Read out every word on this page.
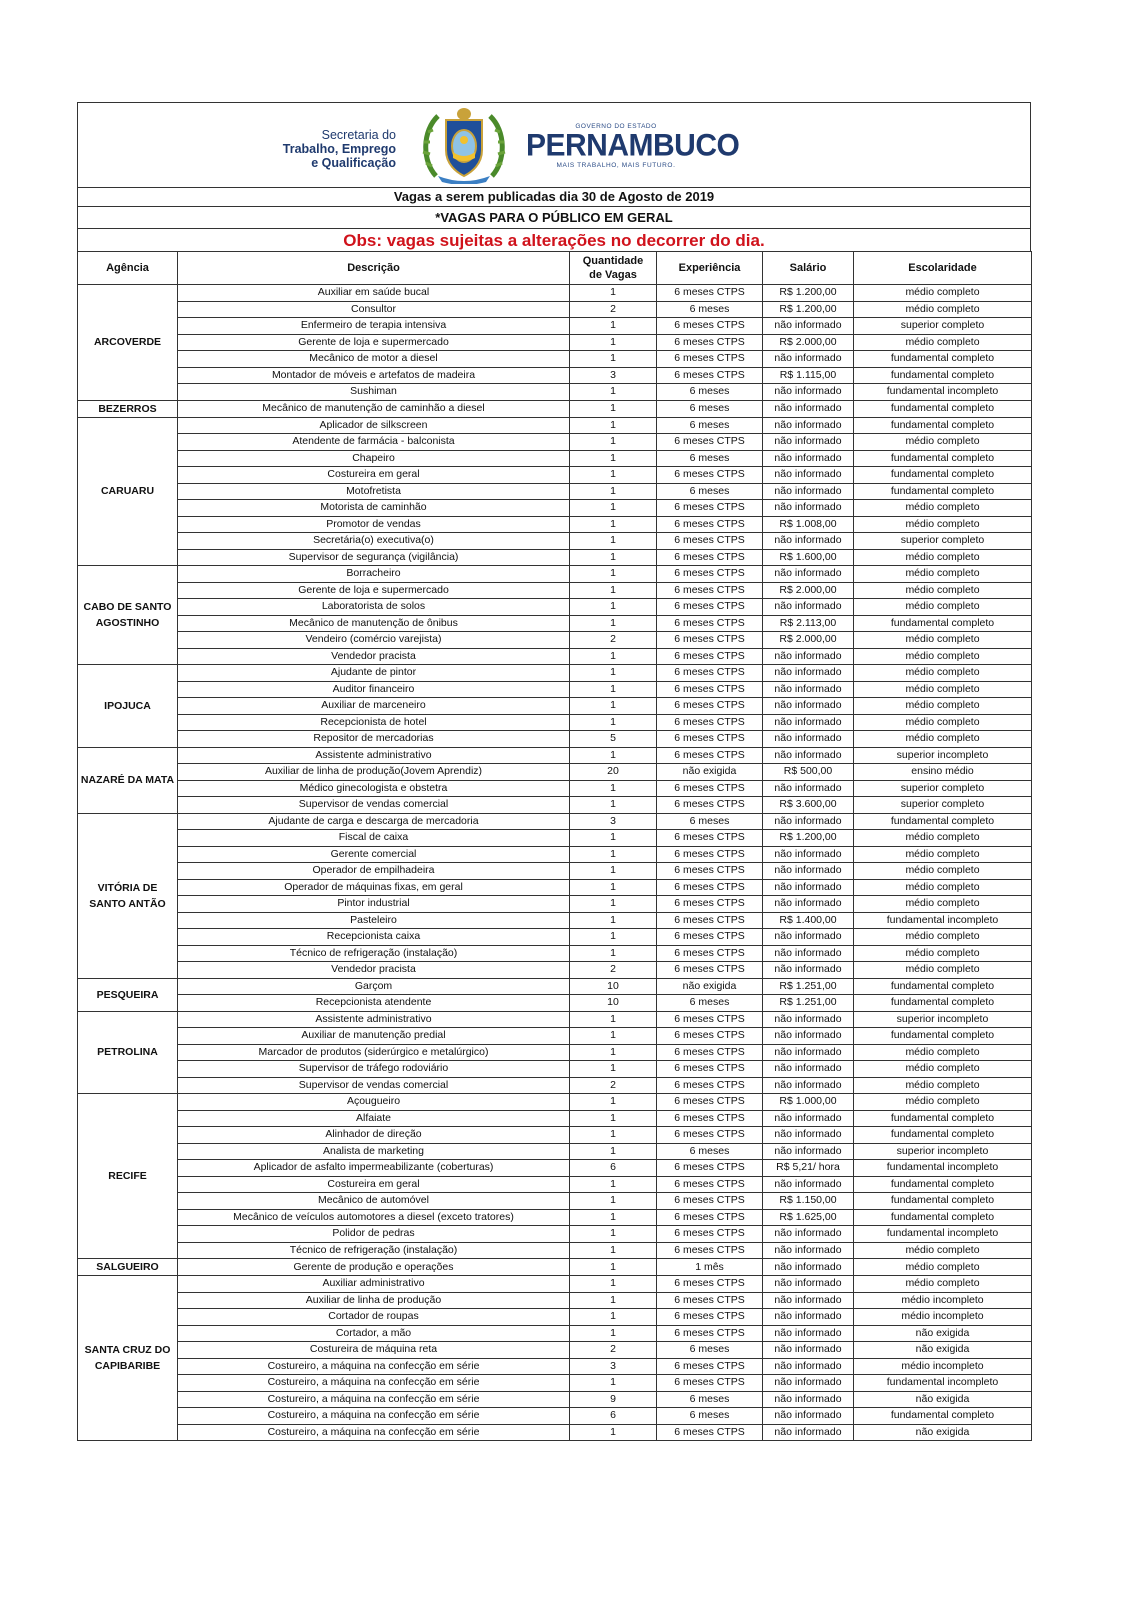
Secretaria do
Trabalho, Emprego
e Qualificação
GOVERNO DO ESTADO
PERNAMBUCO
MAIS TRABALHO, MAIS FUTURO.
Vagas a serem publicadas dia 30 de Agosto de 2019
*VAGAS PARA O PÚBLICO EM GERAL
Obs: vagas sujeitas a alterações no decorrer do dia.
Agência	Descrição	Quantidade de Vagas	Experiência	Salário	Escolaridade
ARCOVERDE	Auxiliar em saúde bucal	1	6 meses CTPS	R$ 1.200,00	médio completo
	Consultor	2	6 meses	R$ 1.200,00	médio completo
	Enfermeiro de terapia intensiva	1	6 meses CTPS	não informado	superior completo
	Gerente de loja e supermercado	1	6 meses CTPS	R$ 2.000,00	médio completo
	Mecânico de motor a diesel	1	6 meses CTPS	não informado	fundamental completo
	Montador de móveis e artefatos de madeira	3	6 meses CTPS	R$ 1.115,00	fundamental completo
	Sushiman	1	6 meses	não informado	fundamental incompleto
BEZERROS	Mecânico de manutenção de caminhão a diesel	1	6 meses	não informado	fundamental completo
CARUARU	Aplicador de silkscreen	1	6 meses	não informado	fundamental completo
	Atendente de farmácia - balconista	1	6 meses CTPS	não informado	médio completo
	Chapeiro	1	6 meses	não informado	fundamental completo
	Costureira em geral	1	6 meses CTPS	não informado	fundamental completo
	Motofretista	1	6 meses	não informado	fundamental completo
	Motorista de caminhão	1	6 meses CTPS	não informado	médio completo
	Promotor de vendas	1	6 meses CTPS	R$ 1.008,00	médio completo
	Secretária(o) executiva(o)	1	6 meses CTPS	não informado	superior completo
	Supervisor de segurança (vigilância)	1	6 meses CTPS	R$ 1.600,00	médio completo
CABO DE SANTO AGOSTINHO	Borracheiro	1	6 meses CTPS	não informado	médio completo
	Gerente de loja e supermercado	1	6 meses CTPS	R$ 2.000,00	médio completo
	Laboratorista de solos	1	6 meses CTPS	não informado	médio completo
	Mecânico de manutenção de ônibus	1	6 meses CTPS	R$ 2.113,00	fundamental completo
	Vendeiro (comércio varejista)	2	6 meses CTPS	R$ 2.000,00	médio completo
	Vendedor pracista	1	6 meses CTPS	não informado	médio completo
IPOJUCA	Ajudante de pintor	1	6 meses CTPS	não informado	médio completo
	Auditor financeiro	1	6 meses CTPS	não informado	médio completo
	Auxiliar de marceneiro	1	6 meses CTPS	não informado	médio completo
	Recepcionista de hotel	1	6 meses CTPS	não informado	médio completo
	Repositor de mercadorias	5	6 meses CTPS	não informado	médio completo
NAZARÉ DA MATA	Assistente administrativo	1	6 meses CTPS	não informado	superior incompleto
	Auxiliar de linha de produção(Jovem Aprendiz)	20	não exigida	R$ 500,00	ensino médio
	Médico ginecologista e obstetra	1	6 meses CTPS	não informado	superior completo
	Supervisor de vendas comercial	1	6 meses CTPS	R$ 3.600,00	superior completo
VITÓRIA DE SANTO ANTÃO	Ajudante de carga e descarga de mercadoria	3	6 meses	não informado	fundamental completo
	Fiscal de caixa	1	6 meses CTPS	R$ 1.200,00	médio completo
	Gerente comercial	1	6 meses CTPS	não informado	médio completo
	Operador de empilhadeira	1	6 meses CTPS	não informado	médio completo
	Operador de máquinas fixas, em geral	1	6 meses CTPS	não informado	médio completo
	Pintor industrial	1	6 meses CTPS	não informado	médio completo
	Pasteleiro	1	6 meses CTPS	R$ 1.400,00	fundamental incompleto
	Recepcionista caixa	1	6 meses CTPS	não informado	médio completo
	Técnico de refrigeração (instalação)	1	6 meses CTPS	não informado	médio completo
	Vendedor pracista	2	6 meses CTPS	não informado	médio completo
PESQUEIRA	Garçom	10	não exigida	R$ 1.251,00	fundamental completo
	Recepcionista atendente	10	6 meses	R$ 1.251,00	fundamental completo
PETROLINA	Assistente administrativo	1	6 meses CTPS	não informado	superior incompleto
	Auxiliar de manutenção predial	1	6 meses CTPS	não informado	fundamental completo
	Marcador de produtos (siderúrgico e metalúrgico)	1	6 meses CTPS	não informado	médio completo
	Supervisor de tráfego rodoviário	1	6 meses CTPS	não informado	médio completo
	Supervisor de vendas comercial	2	6 meses CTPS	não informado	médio completo
RECIFE	Açougueiro	1	6 meses CTPS	R$ 1.000,00	médio completo
	Alfaiate	1	6 meses CTPS	não informado	fundamental completo
	Alinhador de direção	1	6 meses CTPS	não informado	fundamental completo
	Analista de marketing	1	6 meses	não informado	superior incompleto
	Aplicador de asfalto impermeabilizante (coberturas)	6	6 meses CTPS	R$ 5,21/ hora	fundamental incompleto
	Costureira em geral	1	6 meses CTPS	não informado	fundamental completo
	Mecânico de automóvel	1	6 meses CTPS	R$ 1.150,00	fundamental completo
	Mecânico de veículos automotores a diesel (exceto tratores)	1	6 meses CTPS	R$ 1.625,00	fundamental completo
	Polidor de pedras	1	6 meses CTPS	não informado	fundamental incompleto
	Técnico de refrigeração (instalação)	1	6 meses CTPS	não informado	médio completo
SALGUEIRO	Gerente de produção e operações	1	1 mês	não informado	médio completo
SANTA CRUZ DO CAPIBARIBE	Auxiliar administrativo	1	6 meses CTPS	não informado	médio completo
	Auxiliar de linha de produção	1	6 meses CTPS	não informado	médio incompleto
	Cortador de roupas	1	6 meses CTPS	não informado	médio incompleto
	Cortador, a mão	1	6 meses CTPS	não informado	não exigida
	Costureira de máquina reta	2	6 meses	não informado	não exigida
	Costureiro, a máquina na confecção em série	3	6 meses CTPS	não informado	médio incompleto
	Costureiro, a máquina na confecção em série	1	6 meses CTPS	não informado	fundamental incompleto
	Costureiro, a máquina na confecção em série	9	6 meses	não informado	não exigida
	Costureiro, a máquina na confecção em série	6	6 meses	não informado	fundamental completo
	Costureiro, a máquina na confecção em série	1	6 meses CTPS	não informado	não exigida
